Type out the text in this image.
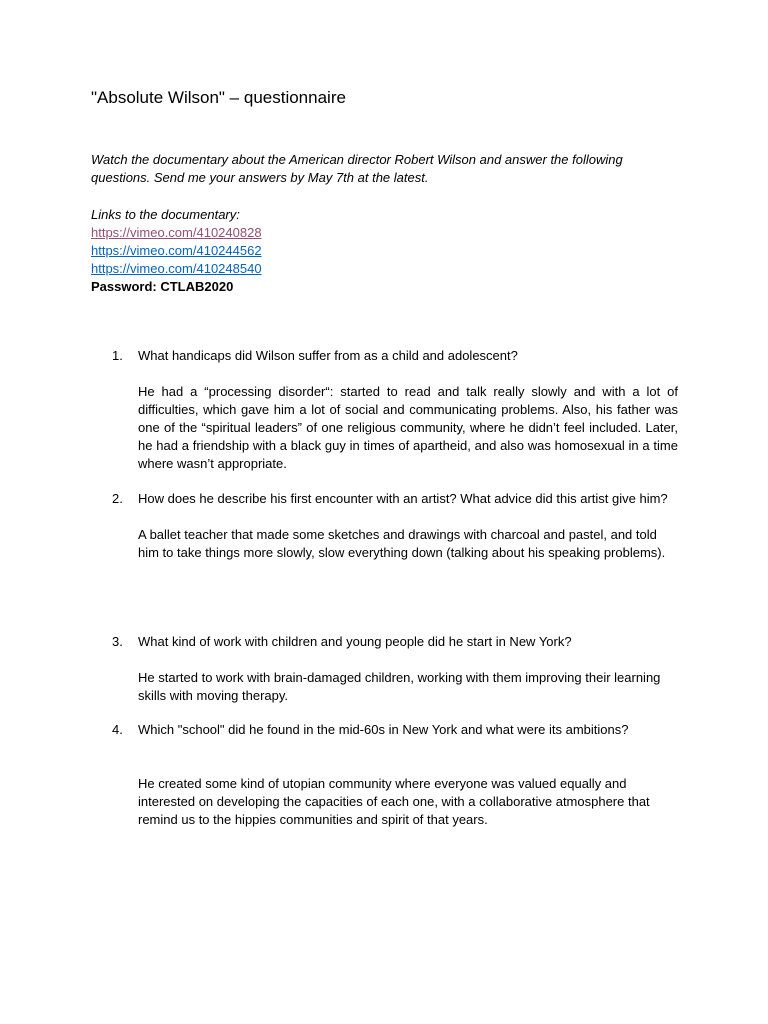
"Absolute Wilson" – questionnaire
Watch the documentary about the American director Robert Wilson and answer the following questions. Send me your answers by May 7th at the latest.
Links to the documentary:
https://vimeo.com/410240828
https://vimeo.com/410244562
https://vimeo.com/410248540
Password: CTLAB2020
1.	What handicaps did Wilson suffer from as a child and adolescent?
He had a “processing disorder“: started to read and talk really slowly and with a lot of difficulties, which gave him a lot of social and communicating problems. Also, his father was one of the “spiritual leaders” of one religious community, where he didn’t feel included. Later, he had a friendship with a black guy in times of apartheid, and also was homosexual in a time where wasn’t appropriate.
2.	How does he describe his first encounter with an artist? What advice did this artist give him?
A ballet teacher that made some sketches and drawings with charcoal and pastel, and told him to take things more slowly, slow everything down (talking about his speaking problems).
3.	What kind of work with children and young people did he start in New York?
He started to work with brain-damaged children, working with them improving their learning skills with moving therapy.
4.	Which "school" did he found in the mid-60s in New York and what were its ambitions?
He created some kind of utopian community where everyone was valued equally and interested on developing the capacities of each one, with a collaborative atmosphere that remind us to the hippies communities and spirit of that years.
